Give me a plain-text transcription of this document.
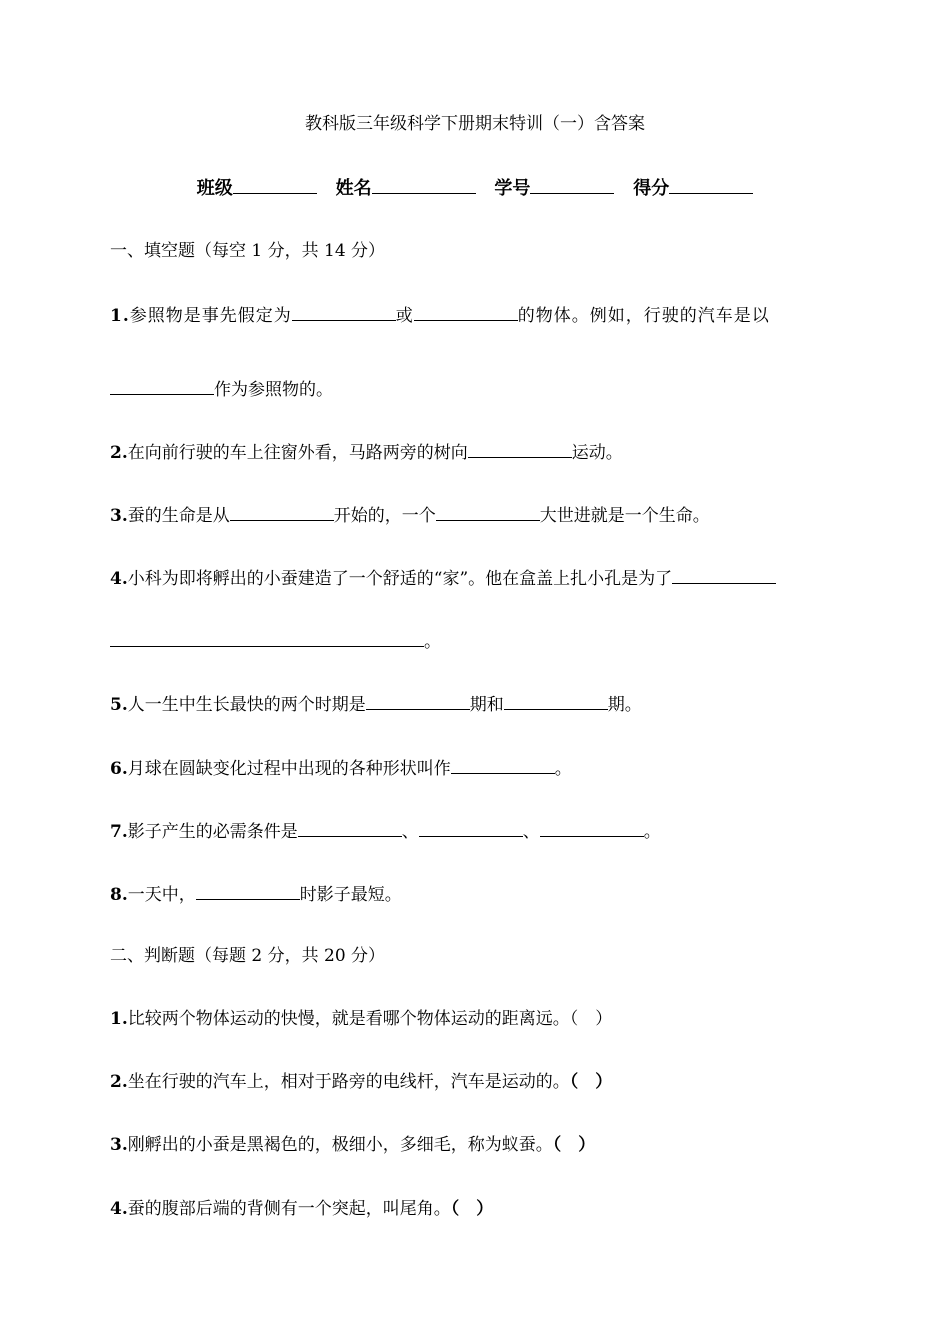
教科版三年级科学下册期末特训（一）含答案
班级	姓名	学号	得分
一、填空题（每空 1 分，共 14 分）
1.参照物是事先假定为	或	的物体。例如，行驶的汽车是以
作为参照物的。
2.在向前行驶的车上往窗外看，马路两旁的树向	运动。
3.蚕的生命是从	开始的，一个	大世进就是一个生命。
4.小科为即将孵出的小蚕建造了一个舒适的“家”。他在盒盖上扎小孔是为了
。
5.人一生中生长最快的两个时期是	期和	期。
6.月球在圆缺变化过程中出现的各种形状叫作	。
7.影子产生的必需条件是	、	、	。
8.一天中，	时影子最短。
二、判断题（每题 2 分，共 20 分）
1.比较两个物体运动的快慢，就是看哪个物体运动的距离远。（　）
2.坐在行驶的汽车上，相对于路旁的电线杆，汽车是运动的。（　）
3.刚孵出的小蚕是黑褐色的，极细小，多细毛，称为蚁蚕。（　）
4.蚕的腹部后端的背侧有一个突起，叫尾角。（　）
